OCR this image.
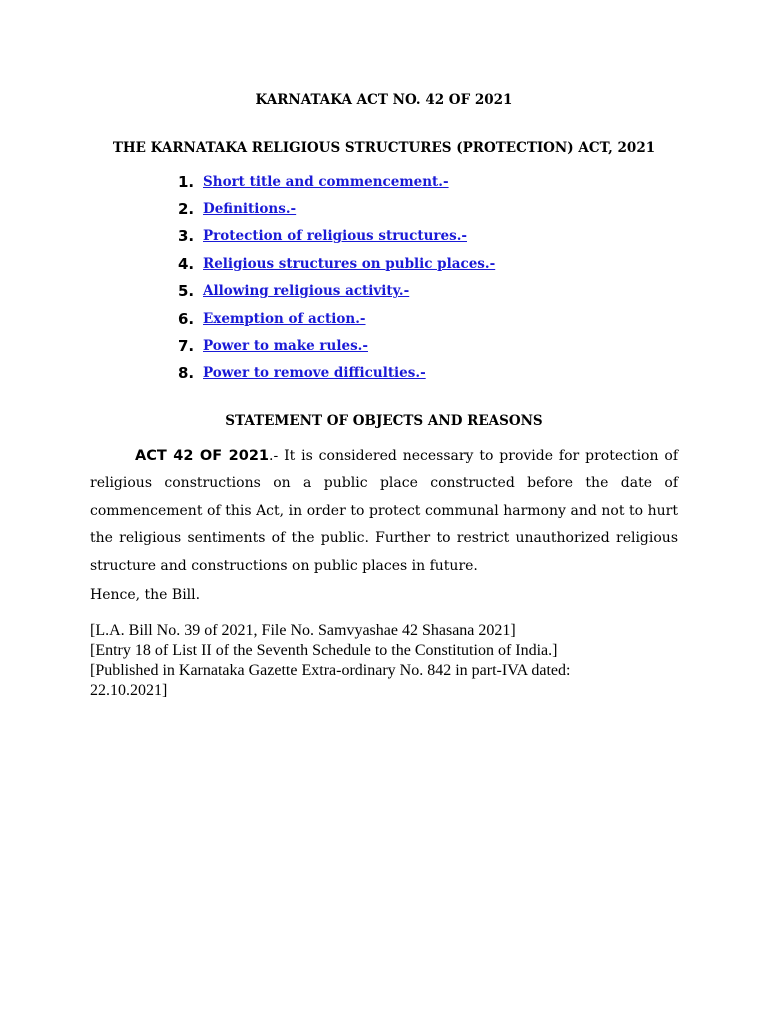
KARNATAKA ACT NO. 42 OF 2021
THE KARNATAKA RELIGIOUS STRUCTURES (PROTECTION) ACT, 2021
1. Short title and commencement.-
2. Definitions.-
3. Protection of religious structures.-
4. Religious structures on public places.-
5. Allowing religious activity.-
6. Exemption of action.-
7. Power to make rules.-
8. Power to remove difficulties.-
STATEMENT OF OBJECTS AND REASONS

ACT 42 OF 2021.- It is considered necessary to provide for protection of religious constructions on a public place constructed before the date of commencement of this Act, in order to protect communal harmony and not to hurt the religious sentiments of the public. Further to restrict unauthorized religious structure and constructions on public places in future.

Hence, the Bill.

[L.A. Bill No. 39 of 2021, File No. Samvyashae 42 Shasana 2021]
[Entry 18 of List II of the Seventh Schedule to the Constitution of India.]
[Published in Karnataka Gazette Extra-ordinary No. 842 in part-IVA dated:
22.10.2021]
